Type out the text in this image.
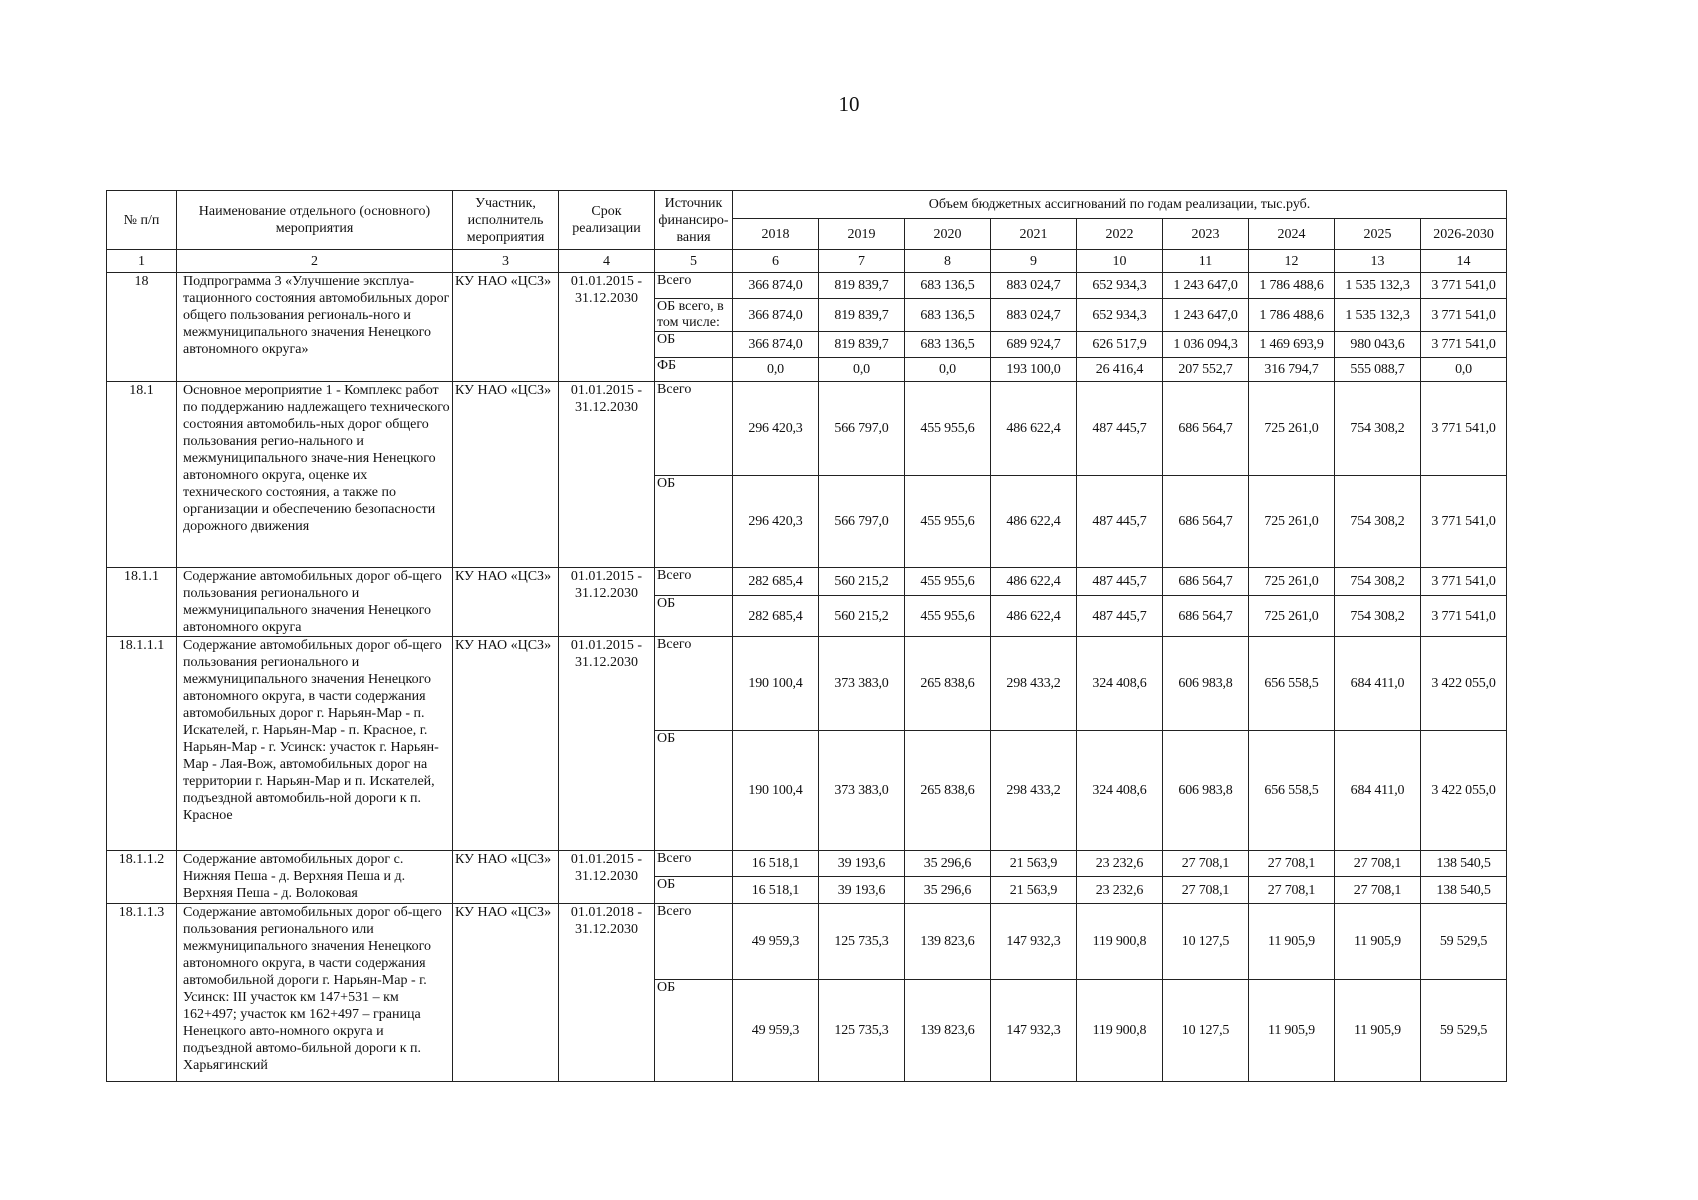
10
№ п/п	Наименование отдельного (основного) мероприятия	Участник, исполнитель мероприятия	Срок реализации	Источник финансиро-вания	Объем бюджетных ассигнований по годам реализации, тыс.руб.								
					2018	2019	2020	2021	2022	2023	2024	2025	2026-2030
1	2	3	4	5	6	7	8	9	10	11	12	13	14
18	Подпрограмма 3 «Улучшение эксплуа-тационного состояния автомобильных дорог общего пользования региональ-ного и межмуниципального значения Ненецкого автономного округа»	КУ НАО «ЦСЗ»	01.01.2015 - 31.12.2030	Всего	366 874,0	819 839,7	683 136,5	883 024,7	652 934,3	1 243 647,0	1 786 488,6	1 535 132,3	3 771 541,0
				ОБ всего, в том числе:	366 874,0	819 839,7	683 136,5	883 024,7	652 934,3	1 243 647,0	1 786 488,6	1 535 132,3	3 771 541,0
				ОБ	366 874,0	819 839,7	683 136,5	689 924,7	626 517,9	1 036 094,3	1 469 693,9	980 043,6	3 771 541,0
				ФБ	0,0	0,0	0,0	193 100,0	26 416,4	207 552,7	316 794,7	555 088,7	0,0
18.1	Основное мероприятие 1 - Комплекс работ по поддержанию надлежащего технического состояния автомобиль-ных дорог общего пользования регио-нального и межмуниципального значе-ния Ненецкого автономного округа, оценке их технического состояния, а также по организации и обеспечению безопасности дорожного движения	КУ НАО «ЦСЗ»	01.01.2015 - 31.12.2030	Всего	296 420,3	566 797,0	455 955,6	486 622,4	487 445,7	686 564,7	725 261,0	754 308,2	3 771 541,0
				ОБ	296 420,3	566 797,0	455 955,6	486 622,4	487 445,7	686 564,7	725 261,0	754 308,2	3 771 541,0
18.1.1	Содержание автомобильных дорог об-щего пользования регионального и межмуниципального значения Ненецкого автономного округа	КУ НАО «ЦСЗ»	01.01.2015 - 31.12.2030	Всего	282 685,4	560 215,2	455 955,6	486 622,4	487 445,7	686 564,7	725 261,0	754 308,2	3 771 541,0
				ОБ	282 685,4	560 215,2	455 955,6	486 622,4	487 445,7	686 564,7	725 261,0	754 308,2	3 771 541,0
18.1.1.1	Содержание автомобильных дорог об-щего пользования регионального и межмуниципального значения Ненецкого автономного округа, в части содержания автомобильных дорог г. Нарьян-Мар - п. Искателей, г. Нарьян-Мар - п. Красное, г. Нарьян-Мар - г. Усинск: участок г. Нарьян-Мар - Лая-Вож, автомобильных дорог на территории г. Нарьян-Мар и п. Искателей, подъездной автомобиль-ной дороги к п. Красное	КУ НАО «ЦСЗ»	01.01.2015 - 31.12.2030	Всего	190 100,4	373 383,0	265 838,6	298 433,2	324 408,6	606 983,8	656 558,5	684 411,0	3 422 055,0
				ОБ	190 100,4	373 383,0	265 838,6	298 433,2	324 408,6	606 983,8	656 558,5	684 411,0	3 422 055,0
18.1.1.2	Содержание автомобильных дорог с. Нижняя Пеша - д. Верхняя Пеша и д. Верхняя Пеша - д. Волоковая	КУ НАО «ЦСЗ»	01.01.2015 - 31.12.2030	Всего	16 518,1	39 193,6	35 296,6	21 563,9	23 232,6	27 708,1	27 708,1	27 708,1	138 540,5
				ОБ	16 518,1	39 193,6	35 296,6	21 563,9	23 232,6	27 708,1	27 708,1	27 708,1	138 540,5
18.1.1.3	Содержание автомобильных дорог об-щего пользования регионального или межмуниципального значения Ненецкого автономного округа, в части содержания автомобильной дороги г. Нарьян-Мар - г. Усинск: III участок км 147+531 – км 162+497; участок км 162+497 – граница Ненецкого авто-номного округа и подъездной автомо-бильной дороги к п. Харьягинский	КУ НАО «ЦСЗ»	01.01.2018 - 31.12.2030	Всего	49 959,3	125 735,3	139 823,6	147 932,3	119 900,8	10 127,5	11 905,9	11 905,9	59 529,5
				ОБ	49 959,3	125 735,3	139 823,6	147 932,3	119 900,8	10 127,5	11 905,9	11 905,9	59 529,5
